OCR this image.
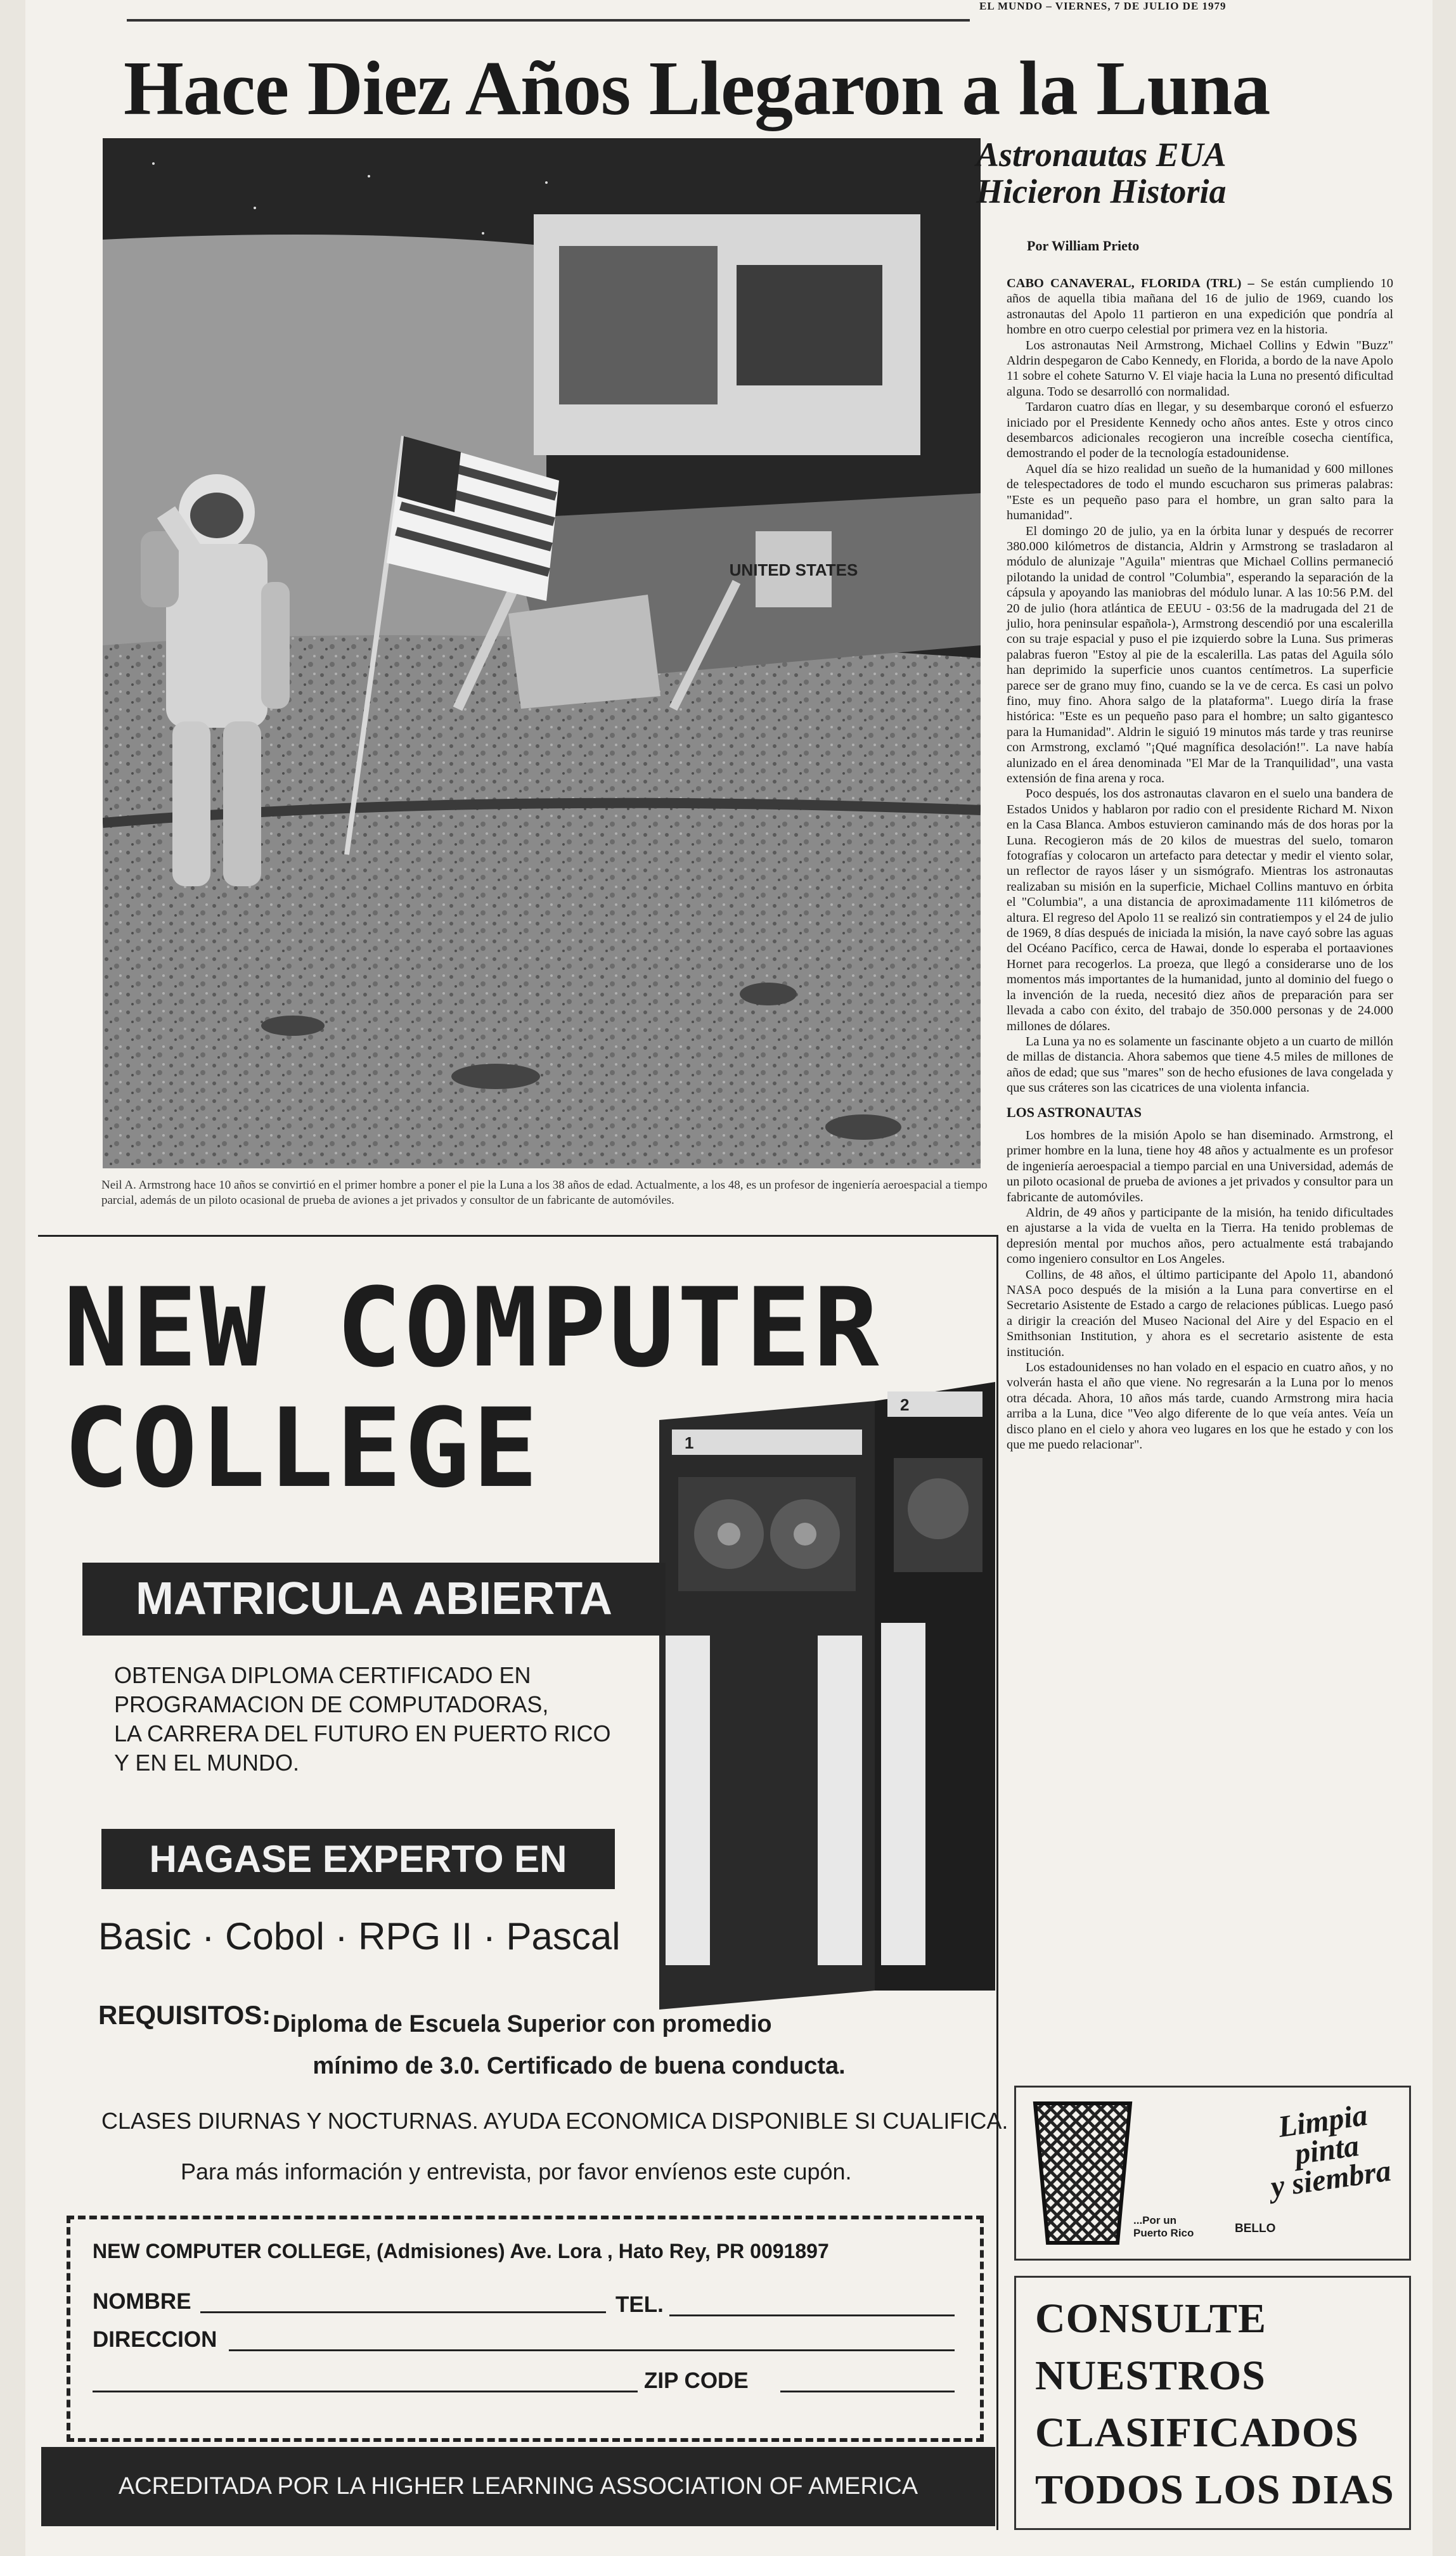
EL MUNDO – VIERNES, 7 DE JULIO DE 1979
Hace Diez Años Llegaron a la Luna
UNITED STATES
Neil A. Armstrong hace 10 años se convirtió en el primer hombre a poner el pie la Luna a los 38 años de edad. Actualmente, a los 48, es un profesor de ingeniería aeroespacial a tiempo parcial, además de un piloto ocasional de prueba de aviones a jet privados y consultor de un fabricante de automóviles.
Astronautas EUA Hicieron Historia
Por William Prieto

CABO CANAVERAL, FLORIDA (TRL) – Se están cumpliendo 10 años de aquella tibia mañana del 16 de julio de 1969, cuando los astronautas del Apolo 11 partieron en una expedición que pondría al hombre en otro cuerpo celestial por primera vez en la historia.

Los astronautas Neil Armstrong, Michael Collins y Edwin "Buzz" Aldrin despegaron de Cabo Kennedy, en Florida, a bordo de la nave Apolo 11 sobre el cohete Saturno V. El viaje hacia la Luna no presentó dificultad alguna. Todo se desarrolló con normalidad.

Tardaron cuatro días en llegar, y su desembarque coronó el esfuerzo iniciado por el Presidente Kennedy ocho años antes. Este y otros cinco desembarcos adicionales recogieron una increíble cosecha científica, demostrando el poder de la tecnología estadounidense.

Aquel día se hizo realidad un sueño de la humanidad y 600 millones de telespectadores de todo el mundo escucharon sus primeras palabras: "Este es un pequeño paso para el hombre, un gran salto para la humanidad".

El domingo 20 de julio, ya en la órbita lunar y después de recorrer 380.000 kilómetros de distancia, Aldrin y Armstrong se trasladaron al módulo de alunizaje "Aguila" mientras que Michael Collins permaneció pilotando la unidad de control "Columbia", esperando la separación de la cápsula y apoyando las maniobras del módulo lunar. A las 10:56 P.M. del 20 de julio (hora atlántica de EEUU - 03:56 de la madrugada del 21 de julio, hora peninsular española-), Armstrong descendió por una escalerilla con su traje espacial y puso el pie izquierdo sobre la Luna. Sus primeras palabras fueron "Estoy al pie de la escalerilla. Las patas del Aguila sólo han deprimido la superficie unos cuantos centímetros. La superficie parece ser de grano muy fino, cuando se la ve de cerca. Es casi un polvo fino, muy fino. Ahora salgo de la plataforma". Luego diría la frase histórica: "Este es un pequeño paso para el hombre; un salto gigantesco para la Humanidad". Aldrin le siguió 19 minutos más tarde y tras reunirse con Armstrong, exclamó "¡Qué magnífica desolación!". La nave había alunizado en el área denominada "El Mar de la Tranquilidad", una vasta extensión de fina arena y roca.

Poco después, los dos astronautas clavaron en el suelo una bandera de Estados Unidos y hablaron por radio con el presidente Richard M. Nixon en la Casa Blanca. Ambos estuvieron caminando más de dos horas por la Luna. Recogieron más de 20 kilos de muestras del suelo, tomaron fotografías y colocaron un artefacto para detectar y medir el viento solar, un reflector de rayos láser y un sismógrafo. Mientras los astronautas realizaban su misión en la superficie, Michael Collins mantuvo en órbita el "Columbia", a una distancia de aproximadamente 111 kilómetros de altura. El regreso del Apolo 11 se realizó sin contratiempos y el 24 de julio de 1969, 8 días después de iniciada la misión, la nave cayó sobre las aguas del Océano Pacífico, cerca de Hawai, donde lo esperaba el portaaviones Hornet para recogerlos. La proeza, que llegó a considerarse uno de los momentos más importantes de la humanidad, junto al dominio del fuego o la invención de la rueda, necesitó diez años de preparación para ser llevada a cabo con éxito, del trabajo de 350.000 personas y de 24.000 millones de dólares.

La Luna ya no es solamente un fascinante objeto a un cuarto de millón de millas de distancia. Ahora sabemos que tiene 4.5 miles de millones de años de edad; que sus "mares" son de hecho efusiones de lava congelada y que sus cráteres son las cicatrices de una violenta infancia.

LOS ASTRONAUTAS

Los hombres de la misión Apolo se han diseminado. Armstrong, el primer hombre en la luna, tiene hoy 48 años y actualmente es un profesor de ingeniería aeroespacial a tiempo parcial en una Universidad, además de un piloto ocasional de prueba de aviones a jet privados y consultor para un fabricante de automóviles.

Aldrin, de 49 años y participante de la misión, ha tenido dificultades en ajustarse a la vida de vuelta en la Tierra. Ha tenido problemas de depresión mental por muchos años, pero actualmente está trabajando como ingeniero consultor en Los Angeles.

Collins, de 48 años, el último participante del Apolo 11, abandonó NASA poco después de la misión a la Luna para convertirse en el Secretario Asistente de Estado a cargo de relaciones públicas. Luego pasó a dirigir la creación del Museo Nacional del Aire y del Espacio en el Smithsonian Institution, y ahora es el secretario asistente de esta institución.

Los estadounidenses no han volado en el espacio en cuatro años, y no volverán hasta el año que viene. No regresarán a la Luna por lo menos otra década. Ahora, 10 años más tarde, cuando Armstrong mira hacia arriba a la Luna, dice "Veo algo diferente de lo que veía antes. Veía un disco plano en el cielo y ahora veo lugares en los que he estado y con los que me puedo relacionar".

NEW COMPUTER
COLLEGE	1
2
MATRICULA ABIERTA
OBTENGA DIPLOMA CERTIFICADO EN
PROGRAMACION DE COMPUTADORAS,
LA CARRERA DEL FUTURO EN PUERTO RICO
Y EN EL MUNDO.
HAGASE EXPERTO EN
Basic · Cobol · RPG II · Pascal
REQUISITOS: Diploma de Escuela Superior con promedio
mínimo de 3.0. Certificado de buena conducta.
CLASES DIURNAS Y NOCTURNAS. AYUDA ECONOMICA DISPONIBLE SI CUALIFICA.
Para más información y entrevista, por favor envíenos este cupón.
NEW COMPUTER COLLEGE, (Admisiones) Ave. Lora , Hato Rey, PR 0091897
NOMBRE	TEL.
DIRECCION
ZIP CODE
ACREDITADA POR LA HIGHER LEARNING ASSOCIATION OF AMERICA
Limpia
pinta
y siembra
...Por un
Puerto Rico	BELLO
CONSULTE
NUESTROS
CLASIFICADOS
TODOS LOS DIAS
